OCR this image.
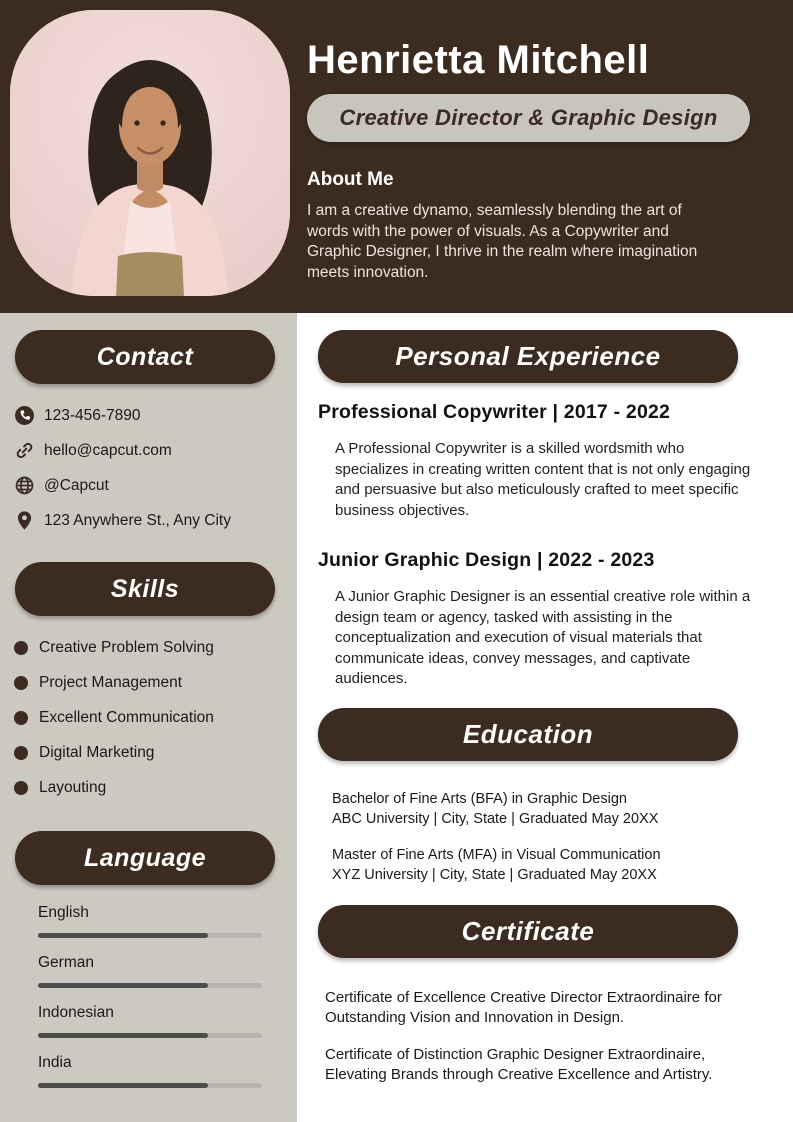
Henrietta Mitchell
Creative Director & Graphic Design
About Me

I am a creative dynamo, seamlessly blending the art of words with the power of visuals. As a Copywriter and Graphic Designer, I thrive in the realm where imagination meets innovation.

Contact
123-456-7890
hello@capcut.com
@Capcut
123 Anywhere St., Any City
Skills
Creative Problem Solving
Project Management
Excellent Communication
Digital Marketing
Layouting
Language
English
German
Indonesian
India
Personal Experience
Professional Copywriter | 2017 - 2022

A Professional Copywriter is a skilled wordsmith who specializes in creating written content that is not only engaging and persuasive but also meticulously crafted to meet specific business objectives.

Junior Graphic Design | 2022 - 2023

A Junior Graphic Designer is an essential creative role within a design team or agency, tasked with assisting in the conceptualization and execution of visual materials that communicate ideas, convey messages, and captivate audiences.

Education
Bachelor of Fine Arts (BFA) in Graphic Design
ABC University | City, State | Graduated May 20XX
Master of Fine Arts (MFA) in Visual Communication
XYZ University | City, State | Graduated May 20XX
Certificate

Certificate of Excellence Creative Director Extraordinaire for Outstanding Vision and Innovation in Design.

Certificate of Distinction Graphic Designer Extraordinaire, Elevating Brands through Creative Excellence and Artistry.
